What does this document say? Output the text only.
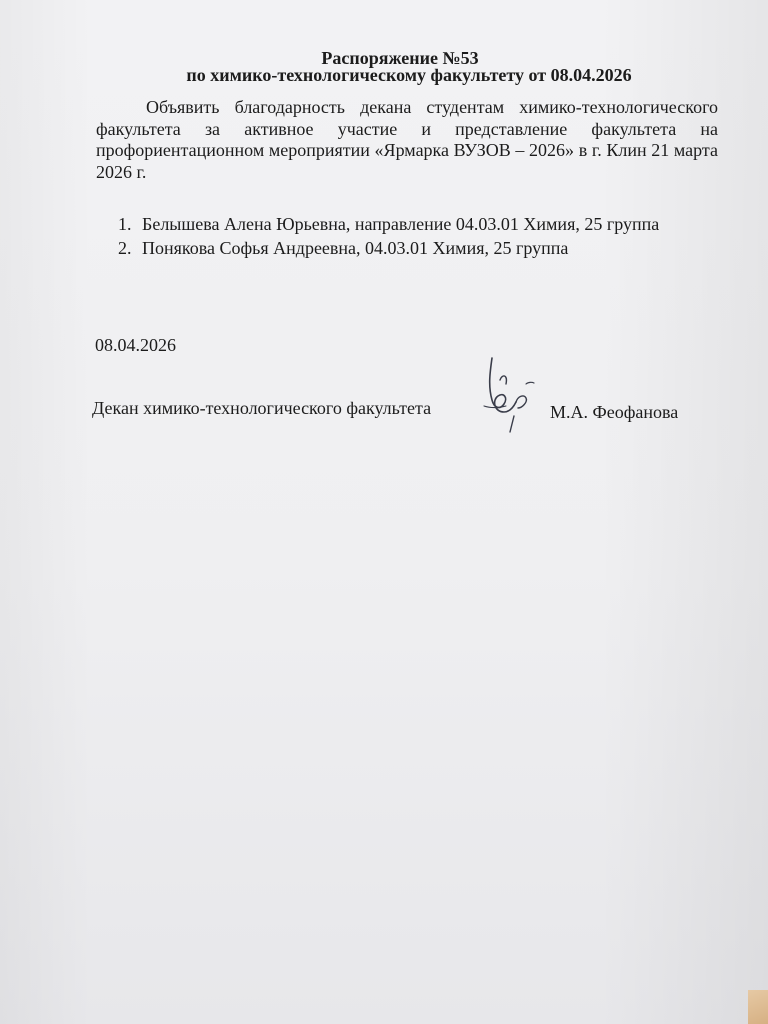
Распоряжение №53
по химико-технологическому факультету от 08.04.2026

Объявить благодарность декана студентам химико-технологического факультета за активное участие и представление факультета на профориентационном мероприятии «Ярмарка ВУЗОВ – 2026» в г. Клин 21 марта 2026 г.

1. Белышева Алена Юрьевна, направление 04.03.01 Химия, 25 группа
2. Понякова Софья Андреевна, 04.03.01 Химия, 25 группа
08.04.2026
Декан химико-технологического факультета	М.А. Феофанова
